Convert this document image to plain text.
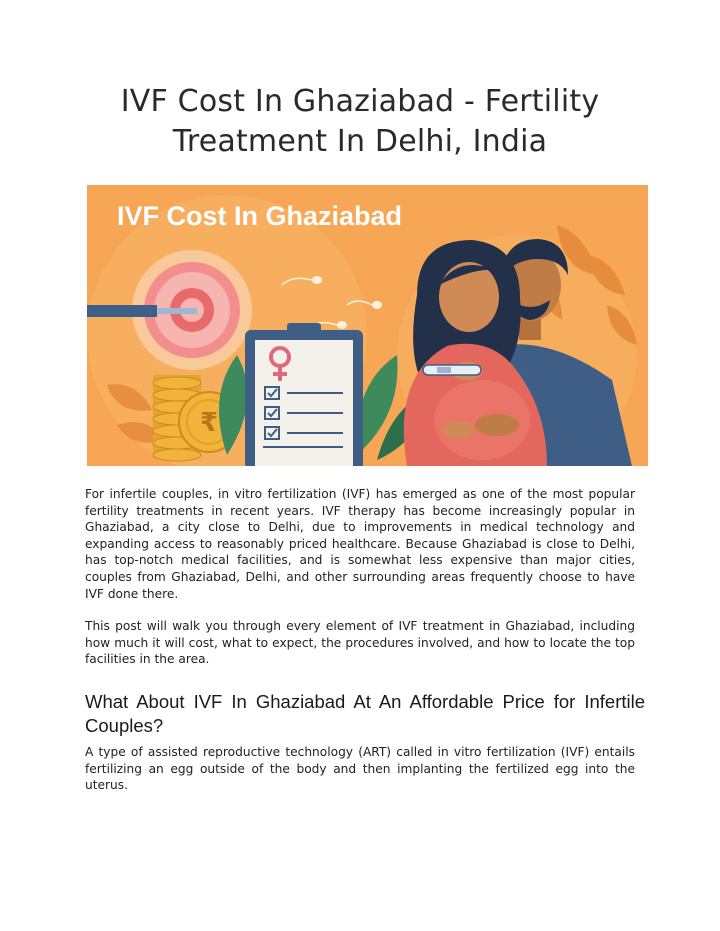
IVF Cost In Ghaziabad - Fertility Treatment In Delhi, India
IVF Cost In Ghaziabad
₹

For infertile couples, in vitro fertilization (IVF) has emerged as one of the most popular fertility treatments in recent years. IVF therapy has become increasingly popular in Ghaziabad, a city close to Delhi, due to improvements in medical technology and expanding access to reasonably priced healthcare. Because Ghaziabad is close to Delhi, has top-notch medical facilities, and is somewhat less expensive than major cities, couples from Ghaziabad, Delhi, and other surrounding areas frequently choose to have IVF done there.

This post will walk you through every element of IVF treatment in Ghaziabad, including how much it will cost, what to expect, the procedures involved, and how to locate the top facilities in the area.

What About IVF In Ghaziabad At An Affordable Price for Infertile Couples?

A type of assisted reproductive technology (ART) called in vitro fertilization (IVF) entails fertilizing an egg outside of the body and then implanting the fertilized egg into the uterus.
